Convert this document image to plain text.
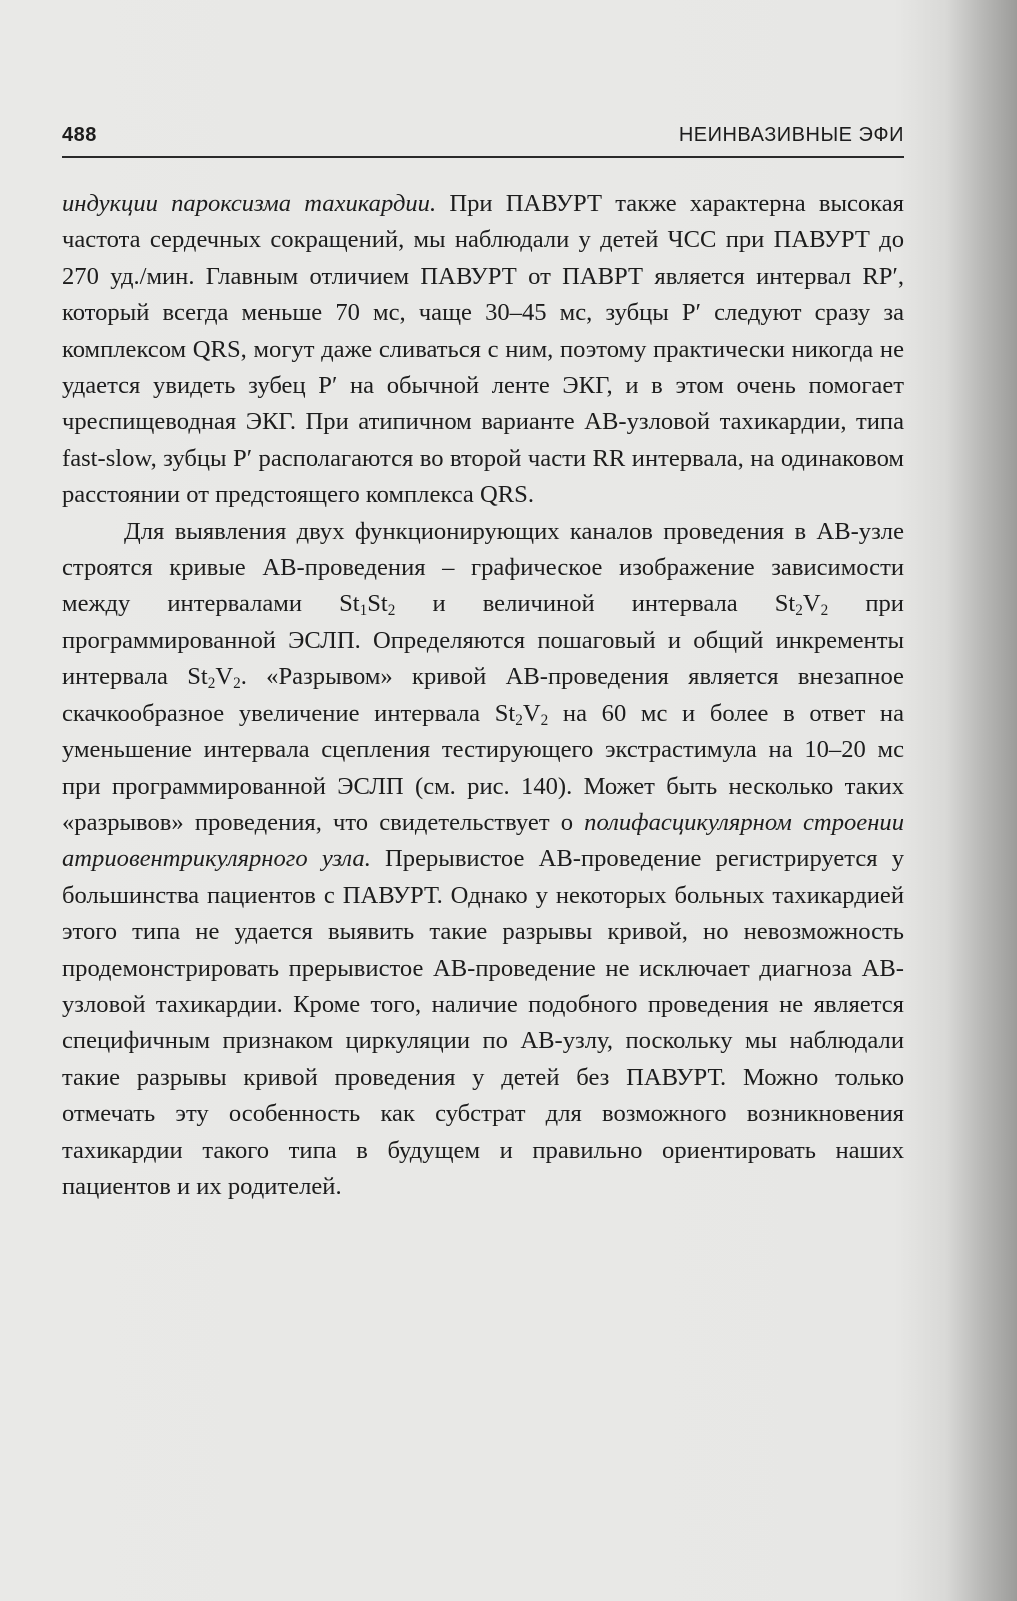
488	НЕИНВАЗИВНЫЕ ЭФИ

индукции пароксизма тахикардии. При ПАВУРТ также характерна высокая частота сердечных сокращений, мы наблюдали у детей ЧСС при ПАВУРТ до 270 уд./мин. Главным отличием ПАВУРТ от ПАВРТ является интервал RP′, который всегда меньше 70 мс, чаще 30–45 мс, зубцы P′ следуют сразу за комплексом QRS, могут даже сливаться с ним, поэтому практически никогда не удается увидеть зубец P′ на обычной ленте ЭКГ, и в этом очень помогает чреспищеводная ЭКГ. При атипичном варианте АВ-узловой тахикардии, типа fast-slow, зубцы P′ располагаются во второй части RR интервала, на одинаковом расстоянии от предстоящего комплекса QRS.

Для выявления двух функционирующих каналов проведения в АВ-узле строятся кривые АВ-проведения – графическое изображение зависимости между интервалами $St_1St_2$ и величиной интервала $St_2V_2$ при программированной ЭСЛП. Определяются пошаговый и общий инкременты интервала $St_2V_2$. «Разрывом» кривой АВ-проведения является внезапное скачкообразное увеличение интервала $St_2V_2$ на 60 мс и более в ответ на уменьшение интервала сцепления тестирующего экстрастимула на 10–20 мс при программированной ЭСЛП (см. рис. 140). Может быть несколько таких «разрывов» проведения, что свидетельствует о полифасцикулярном строении атриовентрикулярного узла. Прерывистое АВ-проведение регистрируется у большинства пациентов с ПАВУРТ. Однако у некоторых больных тахикардией этого типа не удается выявить такие разрывы кривой, но невозможность продемонстрировать прерывистое АВ-проведение не исключает диагноза АВ-узловой тахикардии. Кроме того, наличие подобного проведения не является специфичным признаком циркуляции по АВ-узлу, поскольку мы наблюдали такие разрывы кривой проведения у детей без ПАВУРТ. Можно только отмечать эту особенность как субстрат для возможного возникновения тахикардии такого типа в будущем и правильно ориентировать наших пациентов и их родителей.
